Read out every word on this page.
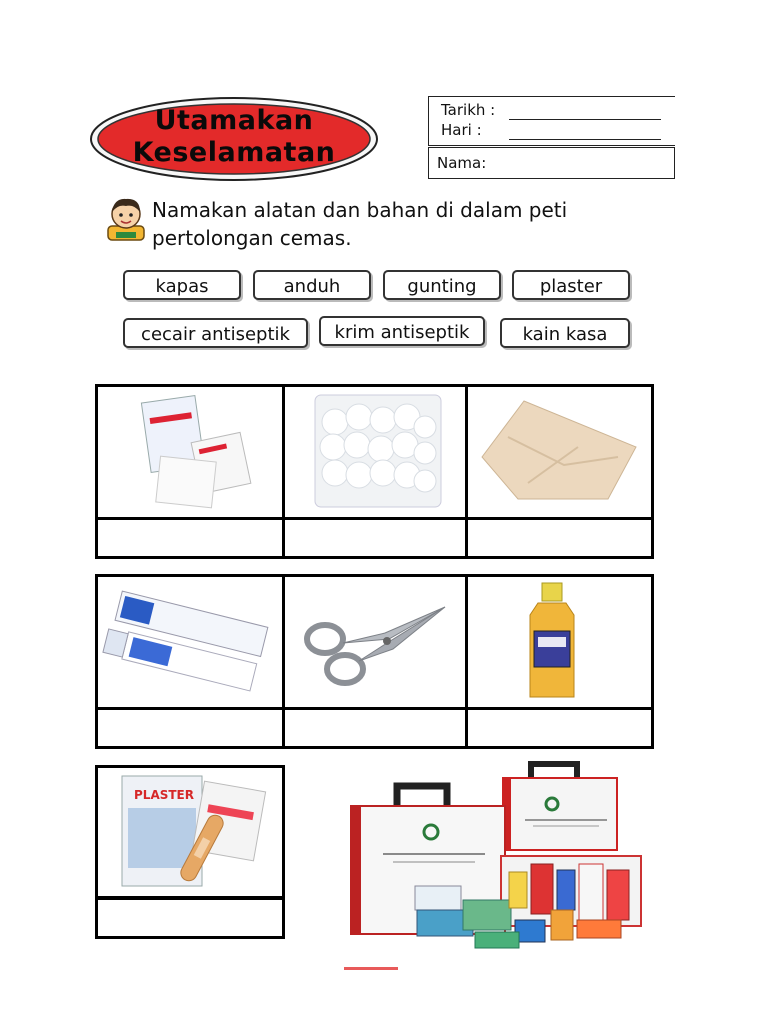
Utamakan
Keselamatan
Tarikh :
Hari :
Nama:
Namakan alatan dan bahan di dalam peti pertolongan cemas.
kapas	anduh	gunting	plaster
cecair antiseptik	krim antiseptik	kain kasa
PLASTER
